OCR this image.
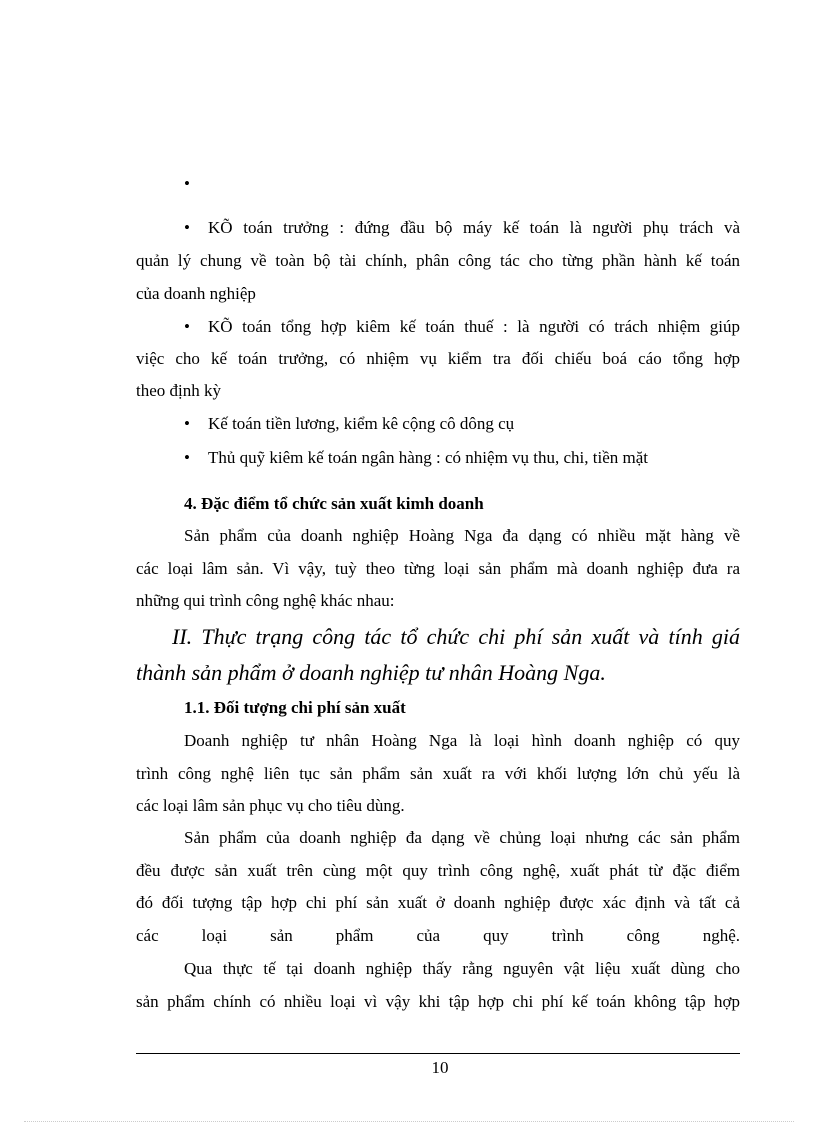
•
• KÕ toán trưởng : đứng đầu bộ máy kế toán là người phụ trách và
quản lý chung về toàn bộ tài chính, phân công tác cho từng phần hành kế toán
của doanh nghiệp
• KÕ toán tổng hợp kiêm kế toán thuế : là người có trách nhiệm giúp
việc cho kế toán trưởng, có nhiệm vụ kiểm tra đối chiếu boá cáo tổng hợp
theo định kỳ
• Kế toán tiền lương, kiểm kê cộng cô dông cụ
• Thủ quỹ kiêm kế toán ngân hàng : có nhiệm vụ thu, chi, tiền mặt
4. Đặc điểm tổ chức sản xuất kimh doanh
Sản phẩm của doanh nghiệp Hoàng Nga đa dạng có nhiều mặt hàng về
các loại lâm sản. Vì vậy, tuỳ theo từng loại sản phẩm mà doanh nghiệp đưa ra
những qui trình công nghệ khác nhau:
II. Thực trạng công tác tổ chức chi phí sản xuất và tính giá
thành sản phẩm ở doanh nghiệp tư nhân Hoàng Nga.
1.1. Đối tượng chi phí sản xuất
Doanh nghiệp tư nhân Hoàng Nga là loại hình doanh nghiệp có quy
trình công nghệ liên tục sản phẩm sản xuất ra với khối lượng lớn chủ yếu là
các loại lâm sản phục vụ cho tiêu dùng.
Sản phẩm của doanh nghiệp đa dạng về chủng loại nhưng các sản phẩm
đều được sản xuất trên cùng một quy trình công nghệ, xuất phát từ đặc điểm
đó đối tượng tập hợp chi phí sản xuất ở doanh nghiệp được xác định và tất cả
các loại sản phẩm của quy trình công nghệ.
Qua thực tế tại doanh nghiệp thấy rằng nguyên vật liệu xuất dùng cho
sản phẩm chính có nhiều loại vì vậy khi tập hợp chi phí kế toán không tập hợp
10
